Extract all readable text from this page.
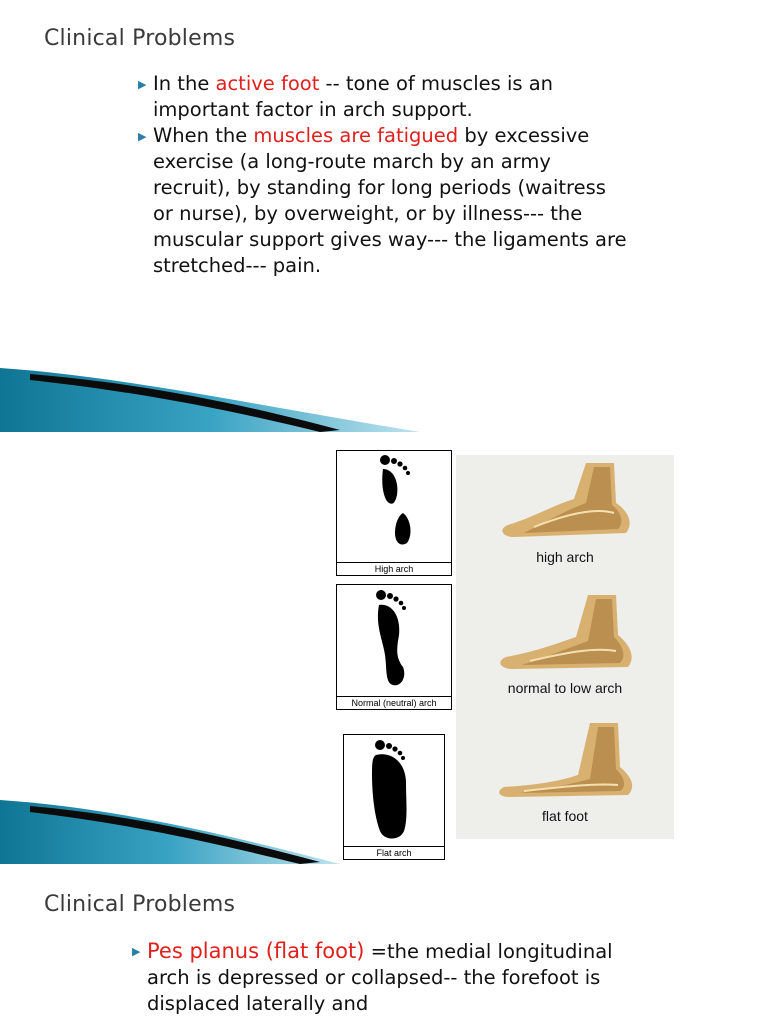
Clinical Problems
▶ In the active foot -- tone of muscles is an important factor in arch support.
▶ When the muscles are fatigued by excessive exercise (a long-route march by an army recruit), by standing for long periods (waitress or nurse), by overweight, or by illness--- the muscular support gives way--- the ligaments are stretched--- pain.
High arch
Normal (neutral) arch
Flat arch
high arch
normal to low arch
flat foot
Clinical Problems
▶ Pes planus (flat foot) =the medial longitudinal arch is depressed or collapsed-- the forefoot is displaced laterally and
